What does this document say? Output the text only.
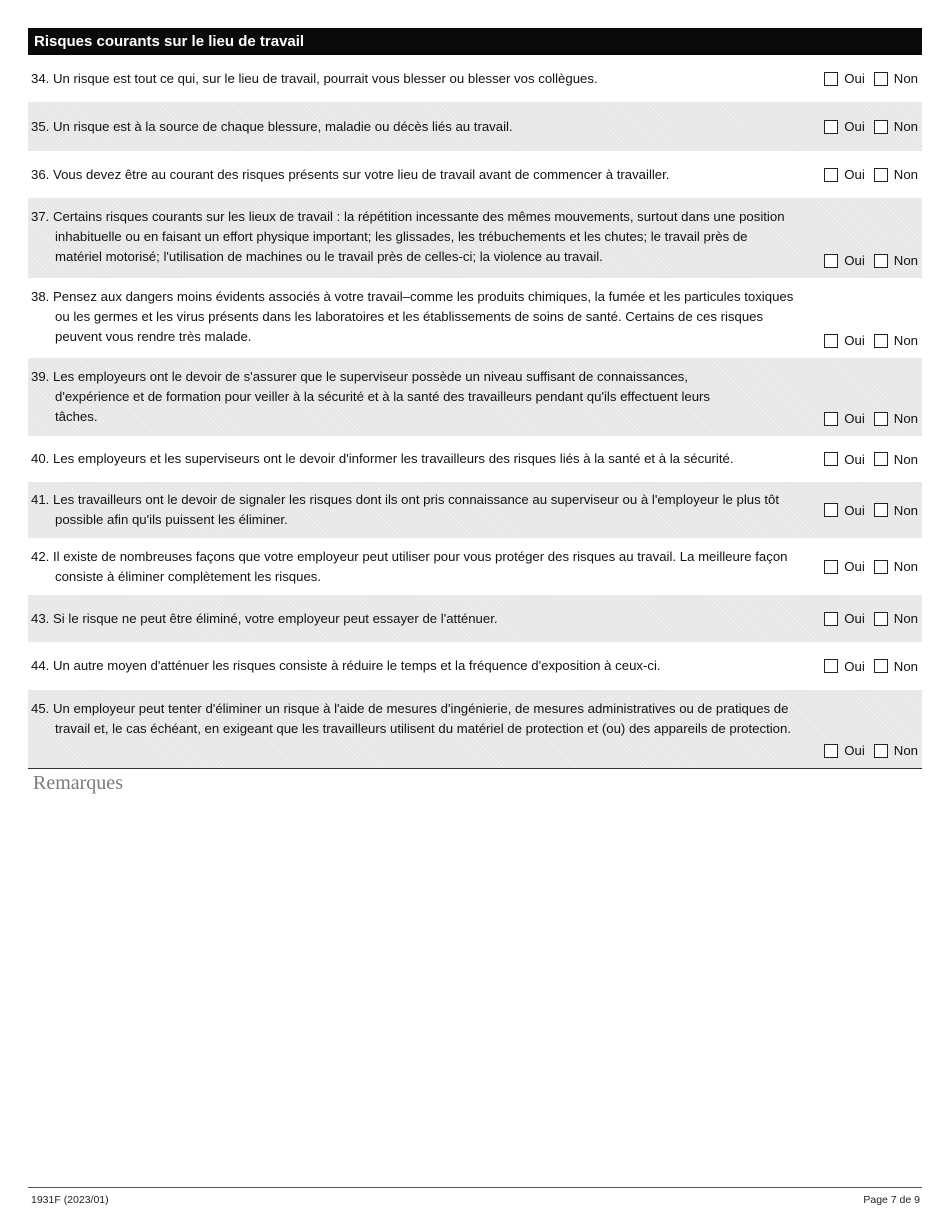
Risques courants sur le lieu de travail
34. Un risque est tout ce qui, sur le lieu de travail, pourrait vous blesser ou blesser vos collègues.	Oui Non
35. Un risque est à la source de chaque blessure, maladie ou décès liés au travail.	Oui Non
36. Vous devez être au courant des risques présents sur votre lieu de travail avant de commencer à travailler.	Oui Non
37. Certains risques courants sur les lieux de travail : la répétition incessante des mêmes mouvements, surtout dans une position inhabituelle ou en faisant un effort physique important; les glissades, les trébuchements et les chutes; le travail près de matériel motorisé; l'utilisation de machines ou le travail près de celles-ci; la violence au travail.	Oui Non
38. Pensez aux dangers moins évidents associés à votre travail–comme les produits chimiques, la fumée et les particules toxiques ou les germes et les virus présents dans les laboratoires et les établissements de soins de santé. Certains de ces risques peuvent vous rendre très malade.	Oui Non
39. Les employeurs ont le devoir de s'assurer que le superviseur possède un niveau suffisant de connaissances, d'expérience et de formation pour veiller à la sécurité et à la santé des travailleurs pendant qu'ils effectuent leurs tâches.	Oui Non
40. Les employeurs et les superviseurs ont le devoir d'informer les travailleurs des risques liés à la santé et à la sécurité.	Oui Non
41. Les travailleurs ont le devoir de signaler les risques dont ils ont pris connaissance au superviseur ou à l'employeur le plus tôt possible afin qu'ils puissent les éliminer.
Oui Non
42. Il existe de nombreuses façons que votre employeur peut utiliser pour vous protéger des risques au travail. La meilleure façon consiste à éliminer complètement les risques.
Oui Non
43. Si le risque ne peut être éliminé, votre employeur peut essayer de l'atténuer.	Oui Non
44. Un autre moyen d'atténuer les risques consiste à réduire le temps et la fréquence d'exposition à ceux-ci.	Oui Non
45. Un employeur peut tenter d'éliminer un risque à l'aide de mesures d'ingénierie, de mesures administratives ou de pratiques de travail et, le cas échéant, en exigeant que les travailleurs utilisent du matériel de protection et (ou) des appareils de protection.
Oui Non
Remarques
1931F (2023/01)	Page 7 de 9
